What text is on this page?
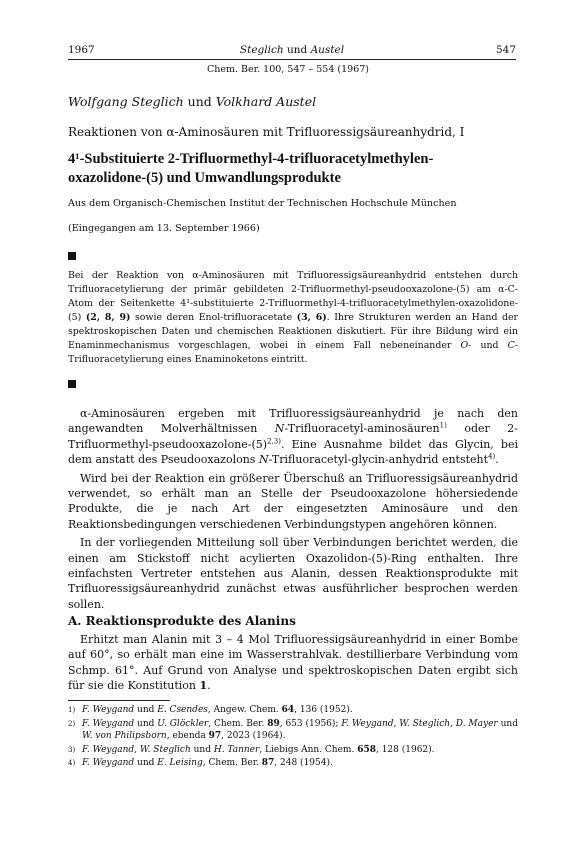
1967	Steglich und Austel	547
Chem. Ber. 100, 547 – 554 (1967)
Wolfgang Steglich und Volkhard Austel
Reaktionen von α-Aminosäuren mit Trifluoressigsäureanhydrid, I
4¹-Substituierte 2-Trifluormethyl-4-trifluoracetylmethylen-
oxazolidone-(5) und Umwandlungsprodukte
Aus dem Organisch-Chemischen Institut der Technischen Hochschule München
(Eingegangen am 13. September 1966)
Bei der Reaktion von α-Aminosäuren mit Trifluoressigsäureanhydrid entstehen durch Trifluoracetylierung der primär gebildeten 2-Trifluormethyl-pseudooxazolone-(5) am α-C-Atom der Seitenkette 4¹-substituierte 2-Trifluormethyl-4-trifluoracetylmethylen-oxazolidone-(5) (2, 8, 9) sowie deren Enol-trifluoracetate (3, 6). Ihre Strukturen werden an Hand der spektroskopischen Daten und chemischen Reaktionen diskutiert. Für ihre Bildung wird ein Enaminmechanismus vorgeschlagen, wobei in einem Fall nebeneinander O- und C-Trifluoracetylierung eines Enaminoketons eintritt.

α-Aminosäuren ergeben mit Trifluoressigsäureanhydrid je nach den angewandten Molverhältnissen N-Trifluoracetyl-aminosäuren$^{1)}$ oder $2-Trifluormethyl-pseudooxazolone-(5)^{2,3)}$. Eine Ausnahme bildet das Glycin, bei dem anstatt des Pseudooxazolons N-Trifluoracetyl-glycin-anhydrid entsteht$^{4)}$.

Wird bei der Reaktion ein größerer Überschuß an Trifluoressigsäureanhydrid verwendet, so erhält man an Stelle der Pseudooxazolone höhersiedende Produkte, die je nach Art der eingesetzten Aminosäure und den Reaktionsbedingungen verschiedenen Verbindungstypen angehören können.

In der vorliegenden Mitteilung soll über Verbindungen berichtet werden, die einen am Stickstoff nicht acylierten Oxazolidon-(5)-Ring enthalten. Ihre einfachsten Vertreter entstehen aus Alanin, dessen Reaktionsprodukte mit Trifluoressigsäureanhydrid zunächst etwas ausführlicher besprochen werden sollen.

A. Reaktionsprodukte des Alanins
Erhitzt man Alanin mit 3 – 4 Mol Trifluoressigsäureanhydrid in einer Bombe auf 60°, so erhält man eine im Wasserstrahlvak. destillierbare Verbindung vom Schmp. 61°. Auf Grund von Analyse und spektroskopischen Daten ergibt sich für sie die Konstitution 1.
1) F. Weygand und E. Csendes, Angew. Chem. 64, 136 (1952).
2) F. Weygand und U. Glöckler, Chem. Ber. 89, 653 (1956); F. Weygand, W. Steglich, D. Mayer und W. von Philipsborn, ebenda 97, 2023 (1964).
3) F. Weygand, W. Steglich und H. Tanner, Liebigs Ann. Chem. 658, 128 (1962).
4) F. Weygand und E. Leising, Chem. Ber. 87, 248 (1954).
